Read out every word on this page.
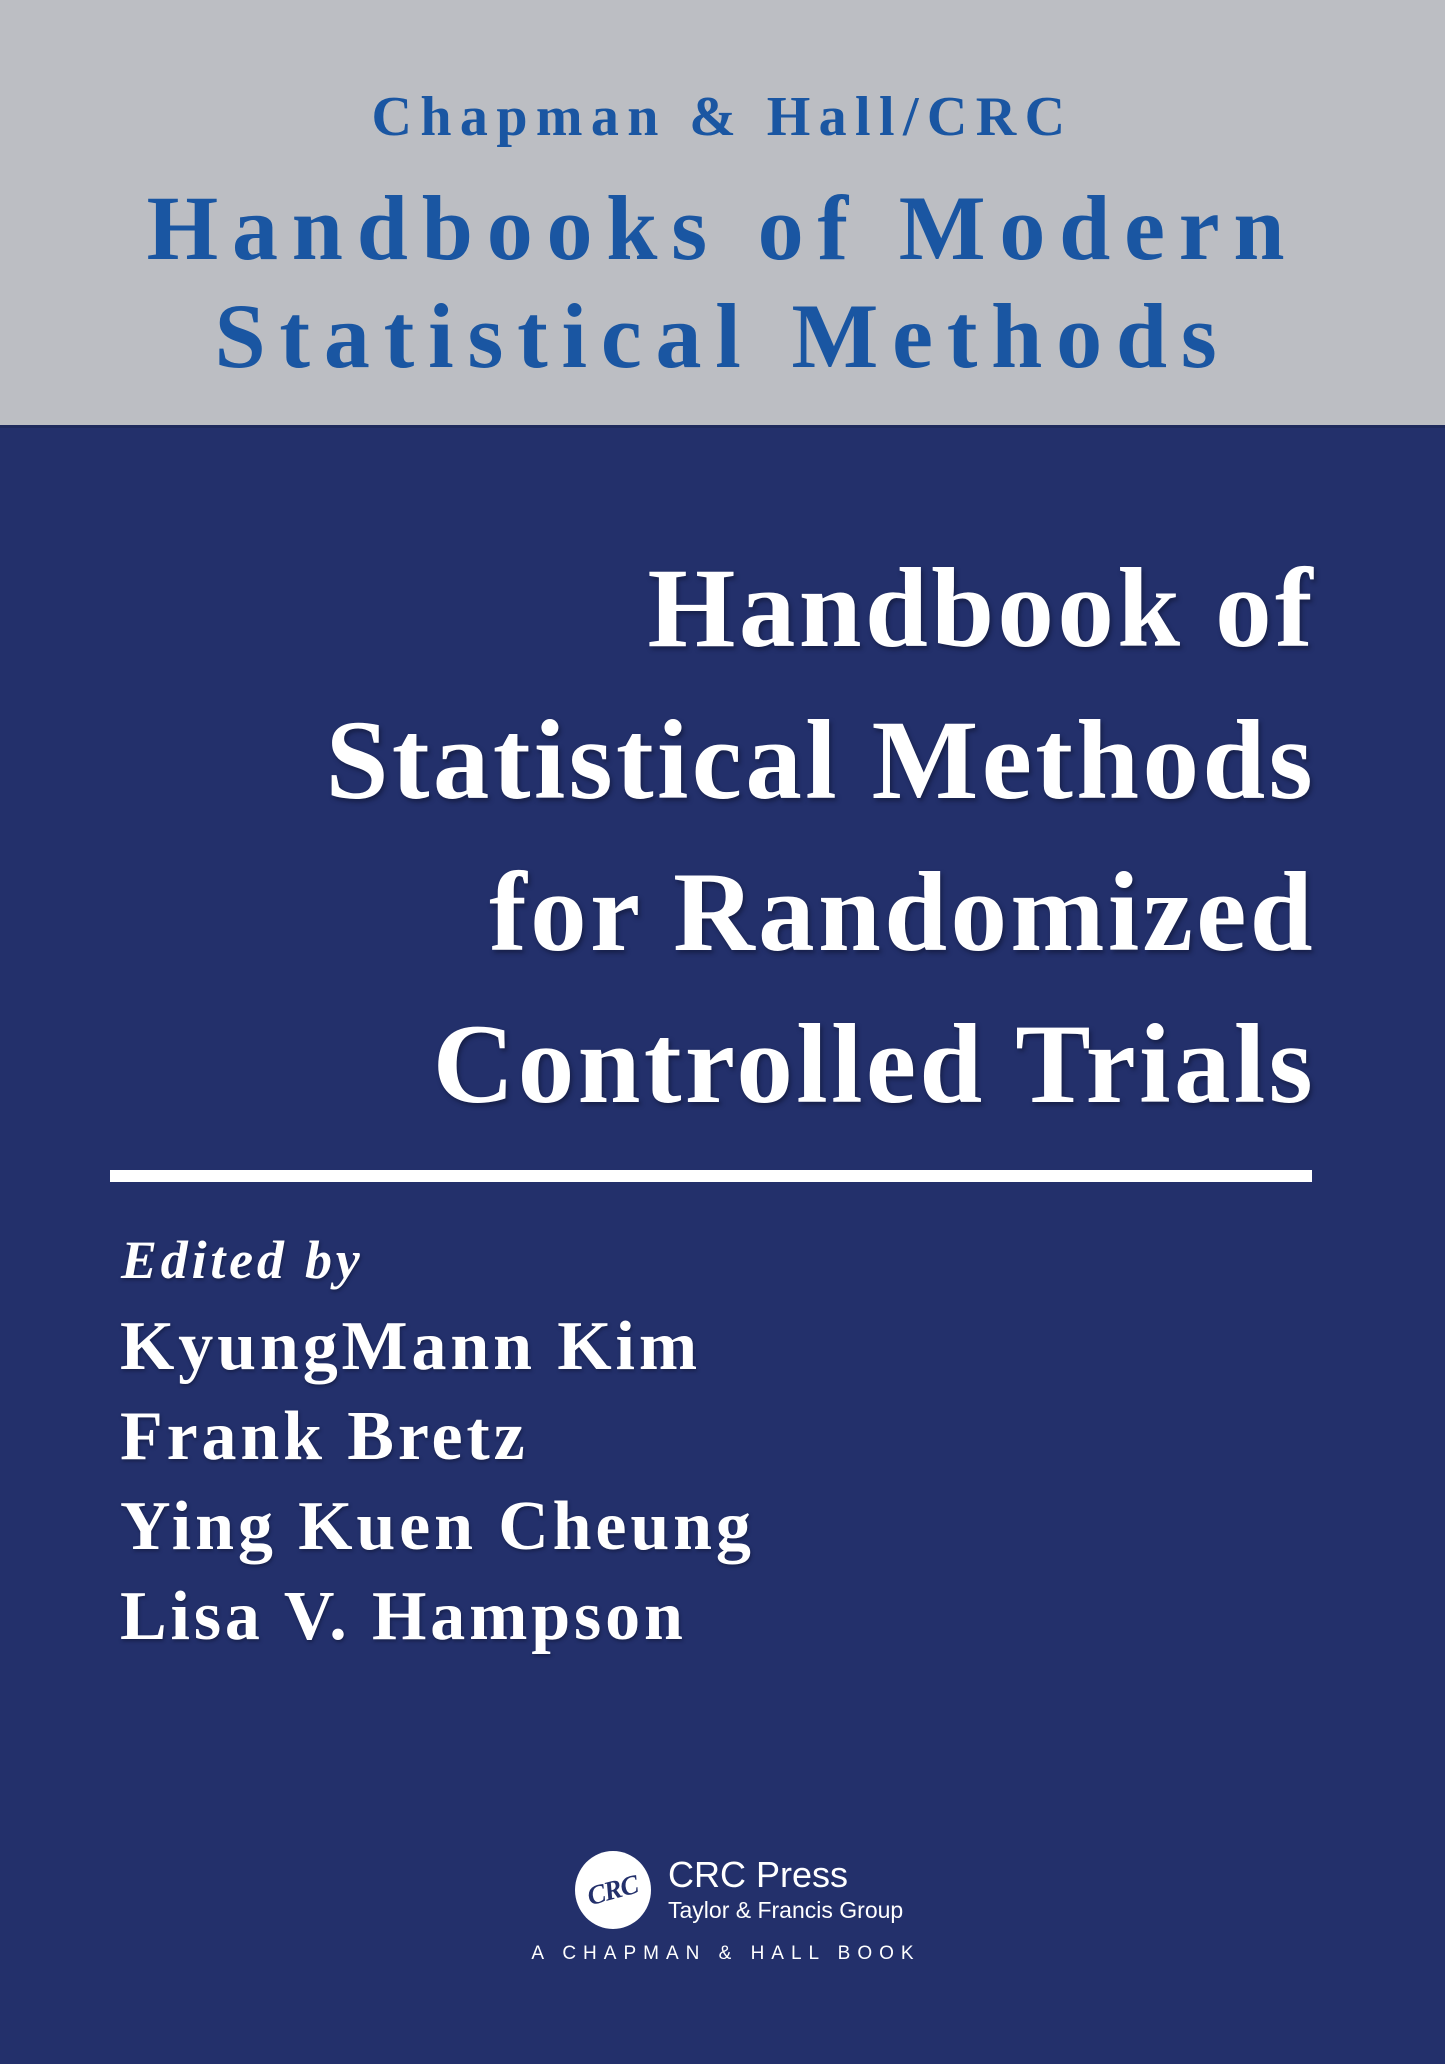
Chapman & Hall/CRC
Handbooks of Modern
Statistical Methods
Handbook of
Statistical Methods
for Randomized
Controlled Trials
Edited by
KyungMann Kim
Frank Bretz
Ying Kuen Cheung
Lisa V. Hampson
CRC CRC Press
Taylor & Francis Group
A CHAPMAN & HALL BOOK
